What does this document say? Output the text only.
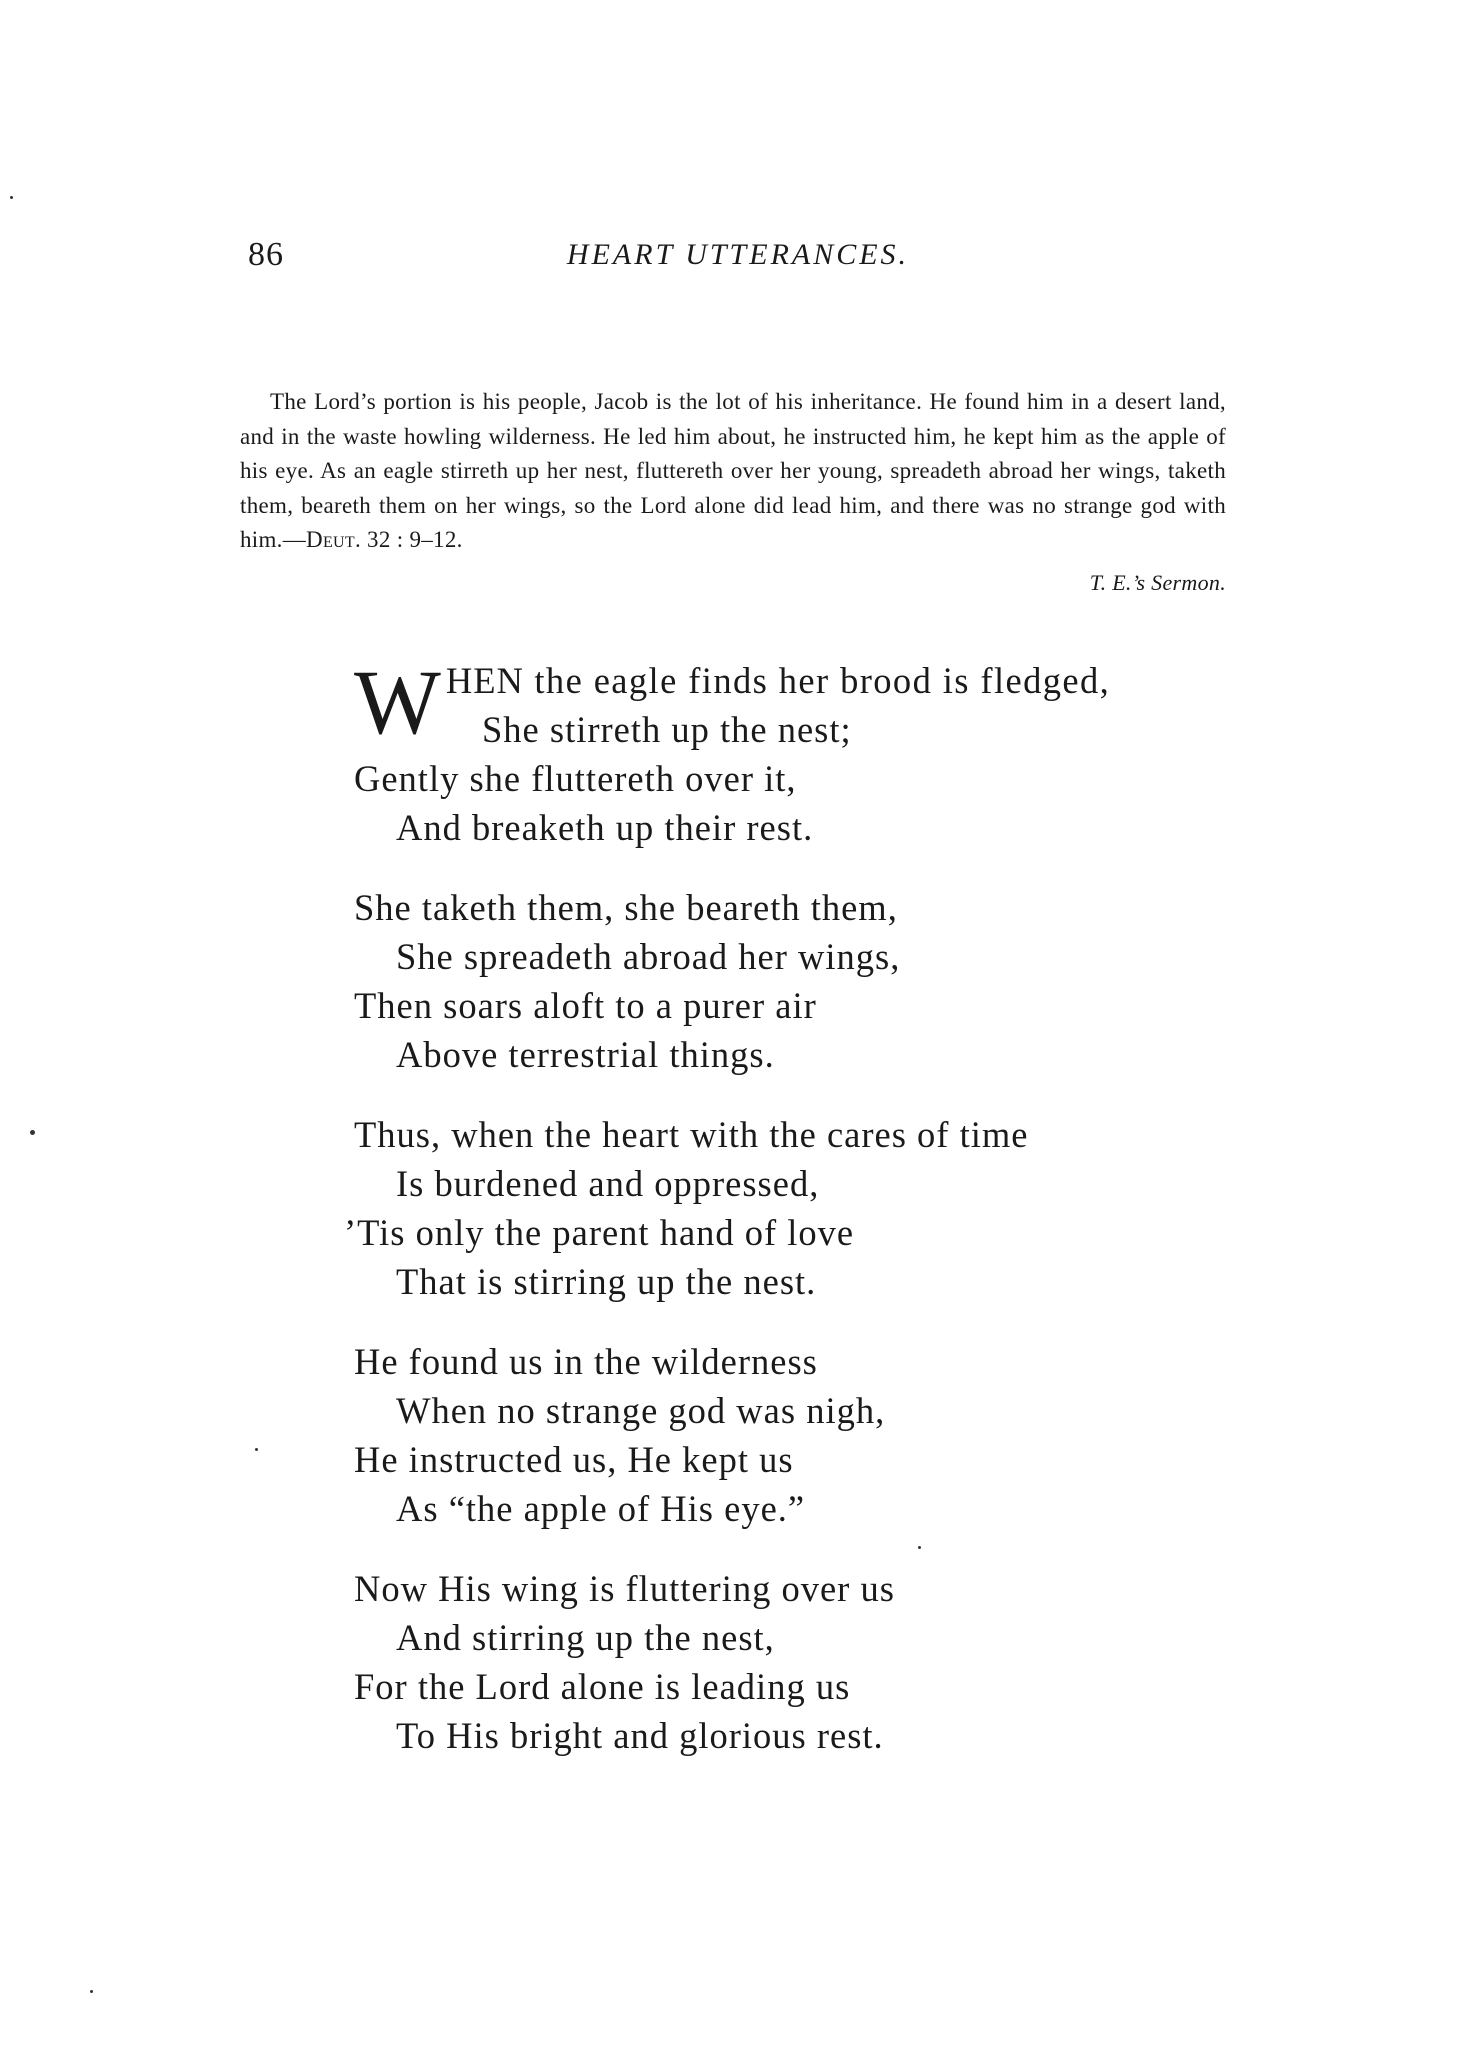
86	HEART UTTERANCES.

The Lord’s portion is his people, Jacob is the lot of his inheritance. He found him in a desert land, and in the waste howling wilderness. He led him about, he instructed him, he kept him as the apple of his eye. As an eagle stirreth up her nest, fluttereth over her young, spreadeth abroad her wings, taketh them, beareth them on her wings, so the Lord alone did lead him, and there was no strange god with him.—Deut. 32 : 9–12.

T. E.’s Sermon.
W HEN the eagle finds her brood is fledged,
She stirreth up the nest;
Gently she fluttereth over it,
And breaketh up their rest.
She taketh them, she beareth them,
She spreadeth abroad her wings,
Then soars aloft to a purer air
Above terrestrial things.
Thus, when the heart with the cares of time
Is burdened and oppressed,
’Tis only the parent hand of love
That is stirring up the nest.
He found us in the wilderness
When no strange god was nigh,
He instructed us, He kept us
As “the apple of His eye.”
Now His wing is fluttering over us
And stirring up the nest,
For the Lord alone is leading us
To His bright and glorious rest.
